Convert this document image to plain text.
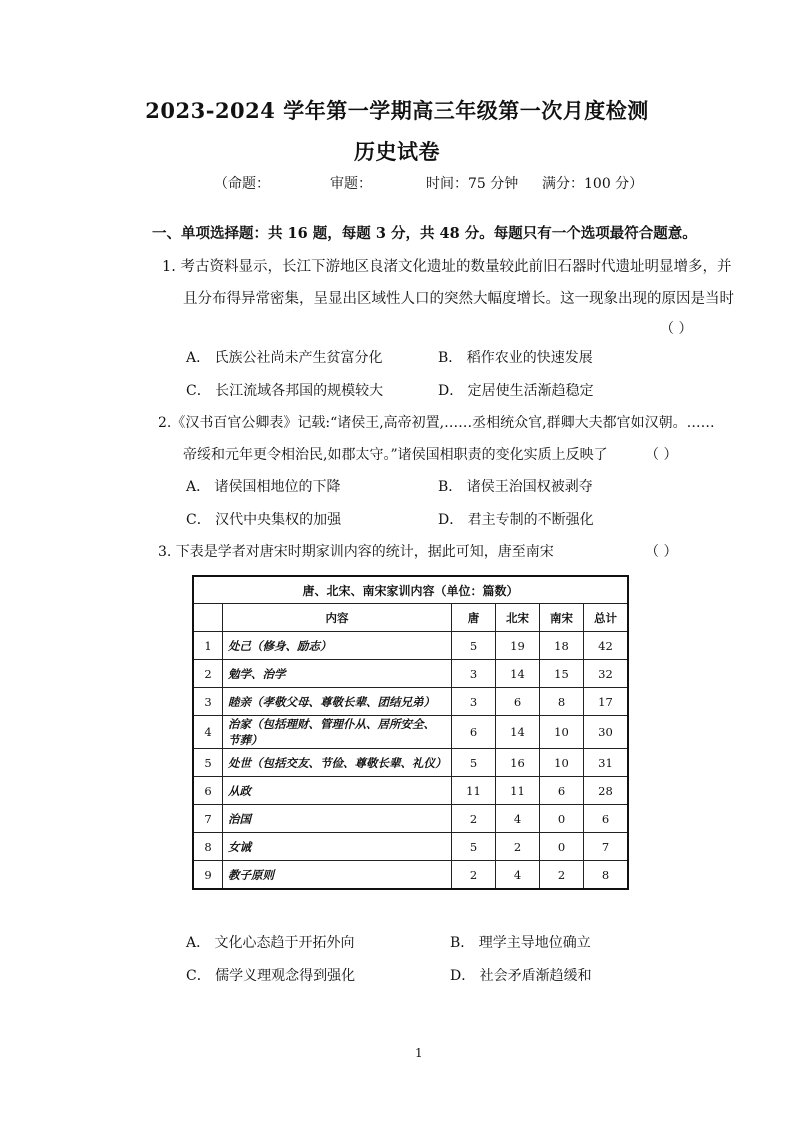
2023-2024 学年第一学期高三年级第一次月度检测
历史试卷
（命题：	审题：	时间：75 分钟 满分：100 分）
一、单项选择题：共 16 题，每题 3 分，共 48 分。每题只有一个选项最符合题意。
1. 考古资料显示，长江下游地区良渚文化遗址的数量较此前旧石器时代遗址明显增多，并
且分布得异常密集，呈显出区域性人口的突然大幅度增长。这一现象出现的原因是当时
（ ）
A． 氏族公社尚未产生贫富分化	B． 稻作农业的快速发展
C． 长江流域各邦国的规模较大	D． 定居使生活渐趋稳定
2.《汉书百官公卿表》记载:“诸侯王,高帝初置,……丞相统众官,群卿大夫都官如汉朝。……
帝绥和元年更令相治民,如郡太守。”诸侯国相职责的变化实质上反映了	（ ）
A． 诸侯国相地位的下降	B． 诸侯王治国权被剥夺
C． 汉代中央集权的加强	D． 君主专制的不断强化
3. 下表是学者对唐宋时期家训内容的统计，据此可知，唐至南宋	（ ）
唐、北宋、南宋家训内容（单位：篇数）					
	内容	唐	北宋	南宋	总计
1	处己（修身、励志）	5	19	18	42
2	勉学、治学	3	14	15	32
3	睦亲（孝敬父母、尊敬长辈、团结兄弟）	3	6	8	17
4	治家（包括理财、管理仆从、居所安全、节葬）	6	14	10	30
5	处世（包括交友、节俭、尊敬长辈、礼仪）	5	16	10	31
6	从政	11	11	6	28
7	治国	2	4	0	6
8	女诫	5	2	0	7
9	教子原则	2	4	2	8
A． 文化心态趋于开拓外向	B． 理学主导地位确立
C． 儒学义理观念得到强化	D． 社会矛盾渐趋缓和
1
